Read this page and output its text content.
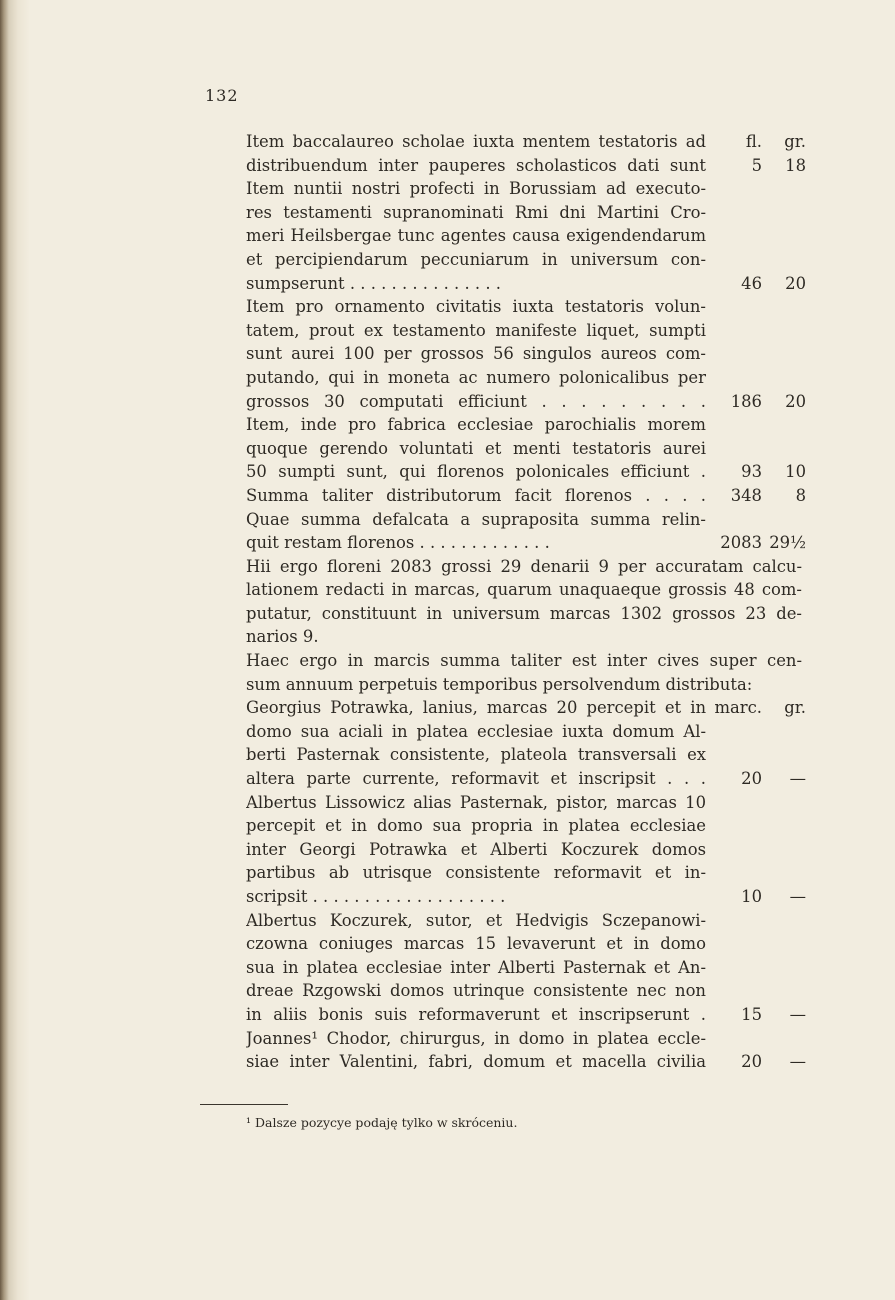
132
Item baccalaureo scholae iuxta mentem testatoris ad	fl.	gr.
distribuendum inter pauperes scholasticos dati sunt	5	18
Item nuntii nostri profecti in Borussiam ad executo-
res testamenti supranominati Rmi dni Martini Cro-
meri Heilsbergae tunc agentes causa exigendendarum
et percipiendarum peccuniarum in universum con-
sumpserunt . . . . . . . . . . . . . . .	46	20
Item pro ornamento civitatis iuxta testatoris volun-
tatem, prout ex testamento manifeste liquet, sumpti
sunt aurei 100 per grossos 56 singulos aureos com-
putando, qui in moneta ac numero polonicalibus per
grossos 30 computati efficiunt . . . . . . . . .	186	20
Item, inde pro fabrica ecclesiae parochialis morem
quoque gerendo voluntati et menti testatoris aurei
50 sumpti sunt, qui florenos polonicales efficiunt .	93	10
Summa taliter distributorum facit florenos . . . .	348	8
Quae summa defalcata a supraposita summa relin-
quit restam florenos . . . . . . . . . . . . .	2083 29½
Hii ergo floreni 2083 grossi 29 denarii 9 per accuratam calcu-
lationem redacti in marcas, quarum unaquaeque grossis 48 com-
putatur, constituunt in universum marcas 1302 grossos 23 de-
narios 9.
Haec ergo in marcis summa taliter est inter cives super cen-
sum annuum perpetuis temporibus persolvendum distributa:
Georgius Potrawka, lanius, marcas 20 percepit et in marc.	gr.
domo sua aciali in platea ecclesiae iuxta domum Al-
berti Pasternak consistente, plateola transversali ex
altera parte currente, reformavit et inscripsit . . .	20	—
Albertus Lissowicz alias Pasternak, pistor, marcas 10
percepit et in domo sua propria in platea ecclesiae
inter Georgi Potrawka et Alberti Koczurek domos
partibus ab utrisque consistente reformavit et in-
scripsit . . . . . . . . . . . . . . . . . . .	10	—
Albertus Koczurek, sutor, et Hedvigis Sczepanowi-
czowna coniuges marcas 15 levaverunt et in domo
sua in platea ecclesiae inter Alberti Pasternak et An-
dreae Rzgowski domos utrinque consistente nec non
in aliis bonis suis reformaverunt et inscripserunt .	15	—
Joannes¹ Chodor, chirurgus, in domo in platea eccle-
siae inter Valentini, fabri, domum et macella civilia	20	—
¹ Dalsze pozycye podaję tylko w skróceniu.
